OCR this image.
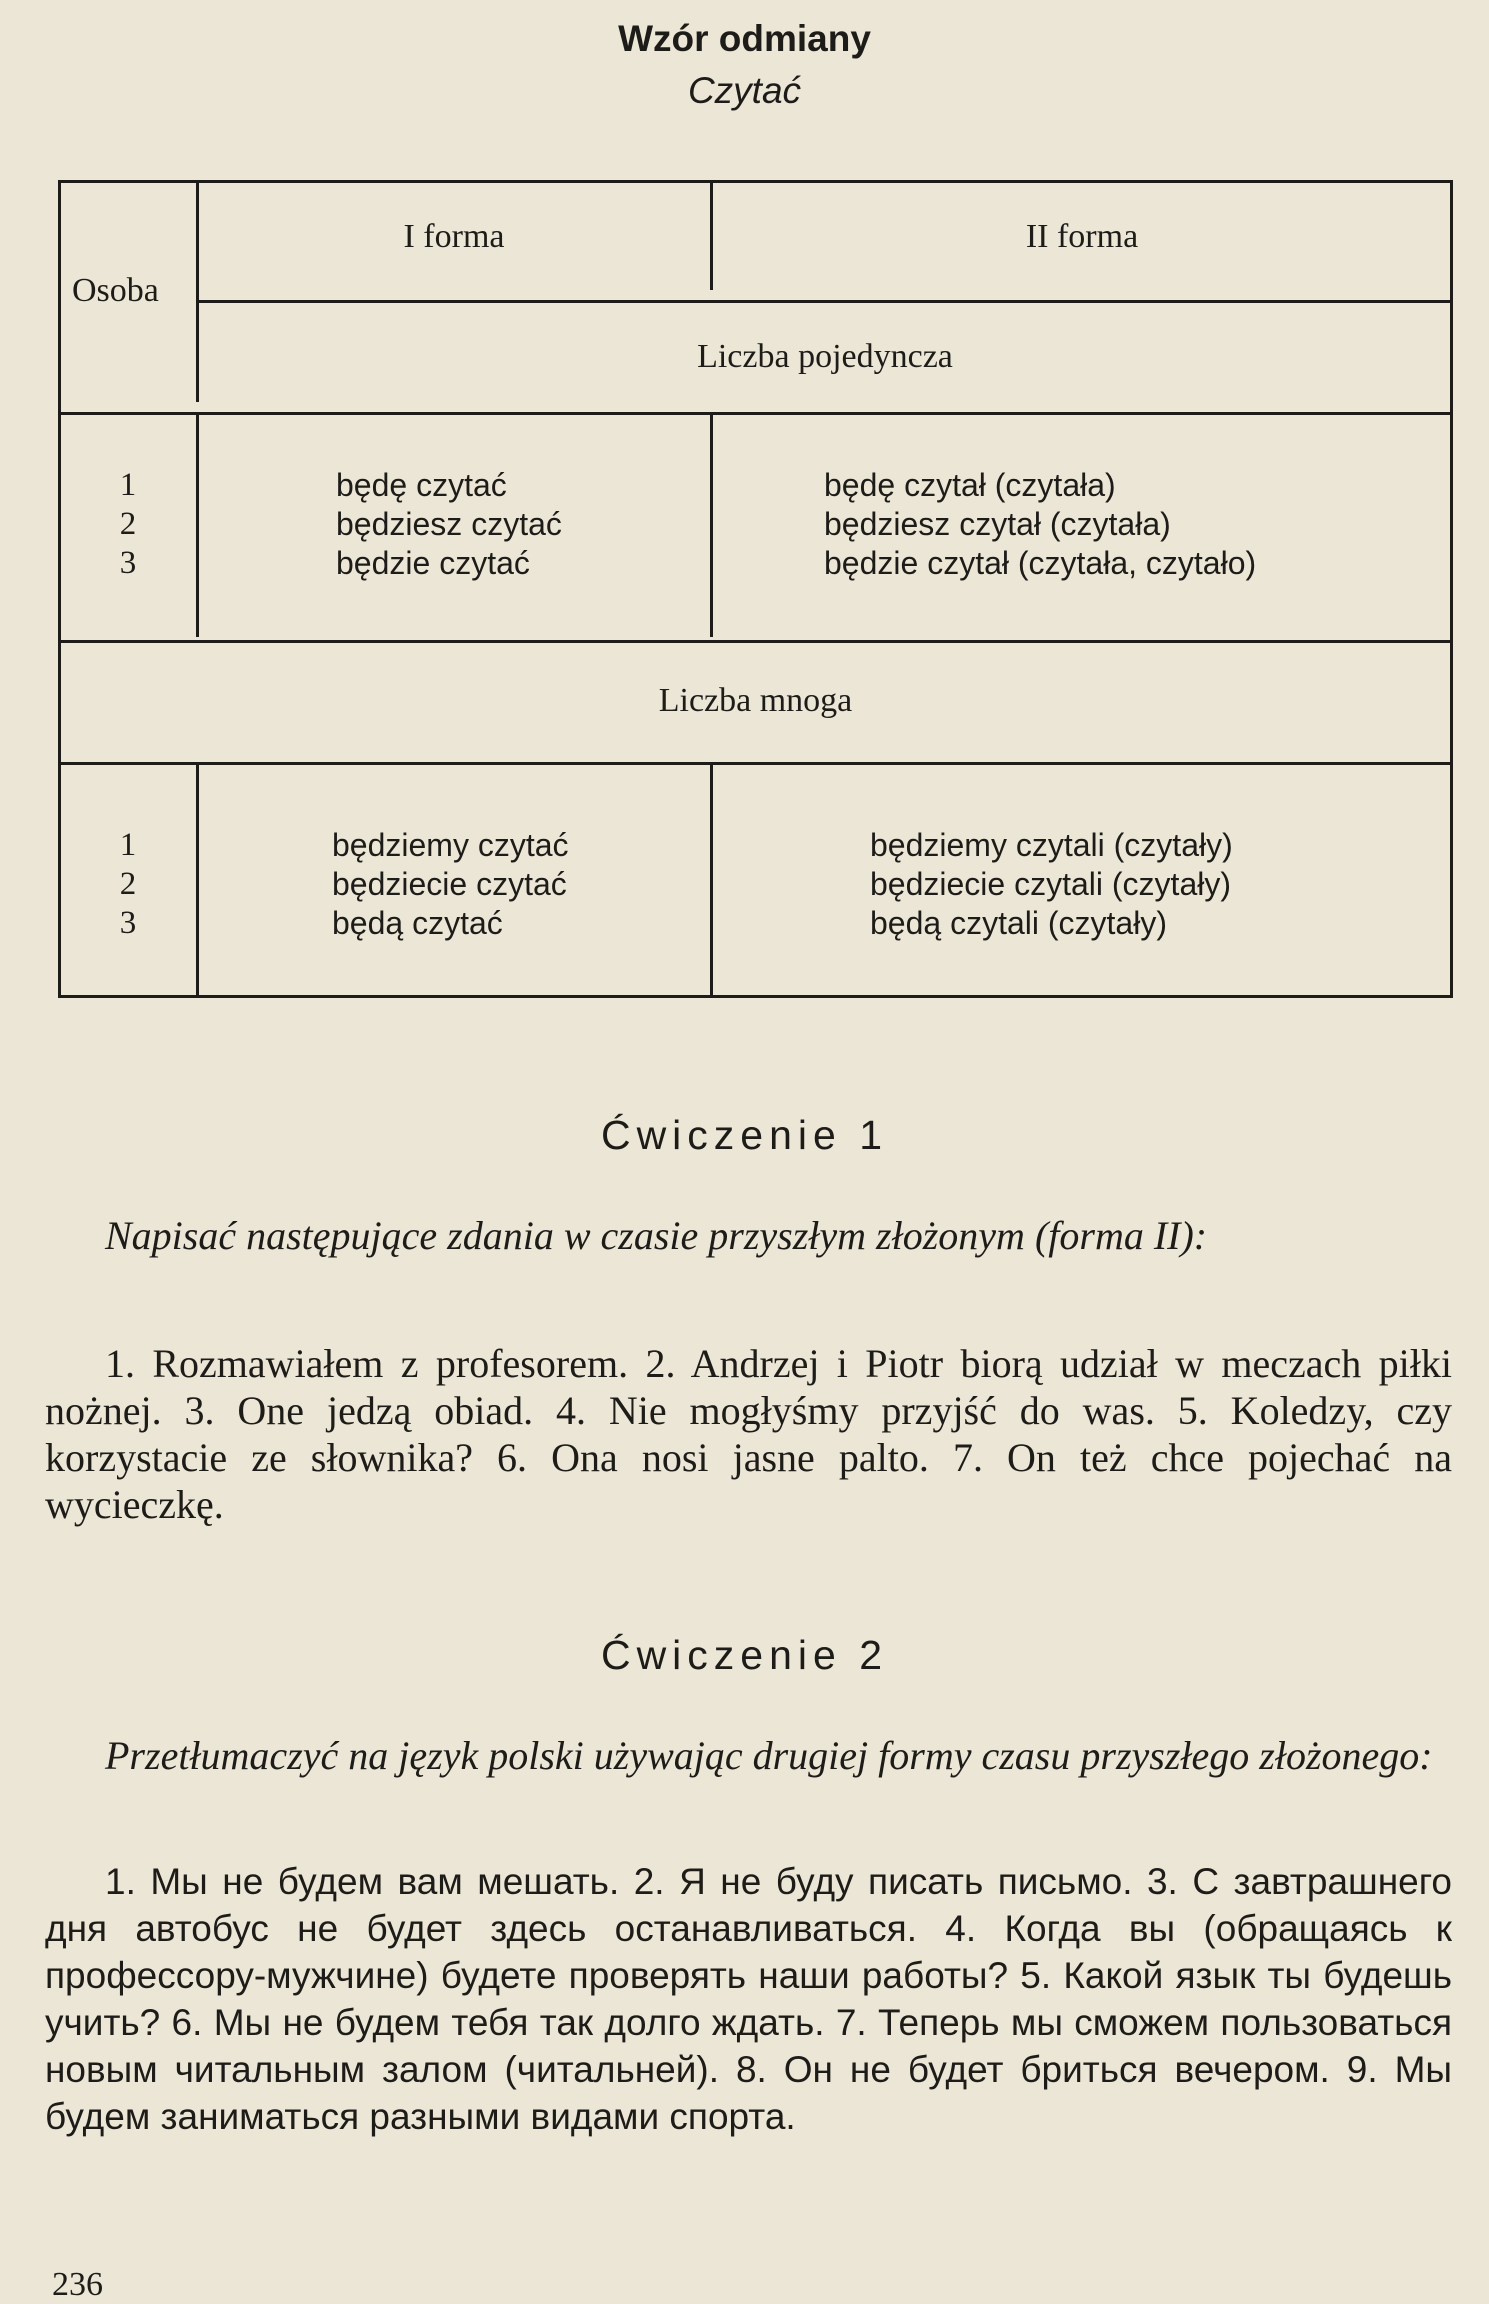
Wzór odmiany
Czytać
Osoba
I forma	II forma
Liczba pojedyncza
1
2
3
będę czytać
będziesz czytać
będzie czytać
będę czytał (czytała)
będziesz czytał (czytała)
będzie czytał (czytała, czytało)
Liczba mnoga
1
2
3
będziemy czytać
będziecie czytać
będą czytać
będziemy czytali (czytały)
będziecie czytali (czytały)
będą czytali (czytały)
Ćwiczenie 1
Napisać następujące zdania w czasie przyszłym złożonym (forma II):
1. Rozmawiałem z profesorem. 2. Andrzej i Piotr biorą udział w meczach piłki nożnej. 3. One jedzą obiad. 4. Nie mogłyśmy przyjść do was. 5. Koledzy, czy korzystacie ze słownika? 6. Ona nosi jasne palto. 7. On też chce pojechać na wycieczkę.
Ćwiczenie 2
Przetłumaczyć na język polski używając drugiej formy czasu przyszłego złożonego:
1. Мы не будем вам мешать. 2. Я не буду писать письмо. 3. С завтрашнего дня автобус не будет здесь останавливаться. 4. Когда вы (обращаясь к профессору-мужчине) будете проверять наши работы? 5. Какой язык ты будешь учить? 6. Мы не будем тебя так долго ждать. 7. Теперь мы сможем пользоваться новым читальным залом (читальней). 8. Он не будет бриться вечером. 9. Мы будем заниматься разными видами спорта.
236
